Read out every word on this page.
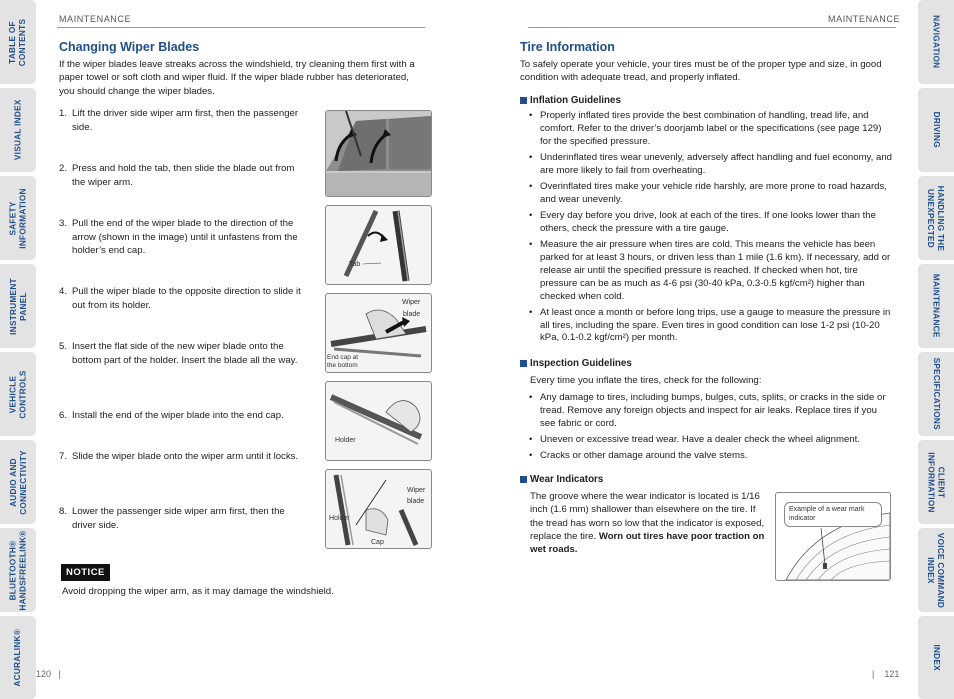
TABLE OF
CONTENTS
VISUAL INDEX
SAFETY
INFORMATION
INSTRUMENT
PANEL
VEHICLE
CONTROLS
AUDIO AND
CONNECTIVITY
BLUETOOTH®
HANDSFREELINK®
ACURALINK®
NAVIGATION
DRIVING
HANDLING THE
UNEXPECTED
MAINTENANCE
SPECIFICATIONS
CLIENT
INFORMATION
VOICE COMMAND
INDEX
INDEX
MAINTENANCE
Changing Wiper Blades

If the wiper blades leave streaks across the windshield, try cleaning them first with a paper towel or soft cloth and wiper fluid. If the wiper blade rubber has deteriorated, you should change the wiper blades.

1. Lift the driver side wiper arm first, then the passenger side.
2. Press and hold the tab, then slide the blade out from the wiper arm.
3. Pull the end of the wiper blade to the direction of the arrow (shown in the image) until it unfastens from the holder’s end cap.
4. Pull the wiper blade to the opposite direction to slide it out from its holder.
5. Insert the flat side of the new wiper blade onto the bottom part of the holder. Insert the blade all the way.
6. Install the end of the wiper blade into the end cap.
7. Slide the wiper blade onto the wiper arm until it locks.
8. Lower the passenger side wiper arm first, then the driver side.
Tab
Wiper
blade
End cap at
the bottom
Holder
Wiper
blade
Holder
Cap
NOTICE

Avoid dropping the wiper arm, as it may damage the windshield.

120   |
MAINTENANCE
Tire Information

To safely operate your vehicle, your tires must be of the proper type and size, in good condition with adequate tread, and properly inflated.

Inflation Guidelines
• Properly inflated tires provide the best combination of handling, tread life, and comfort. Refer to the driver’s doorjamb label or the specifications (see page 129) for the specified pressure.
• Underinflated tires wear unevenly, adversely affect handling and fuel economy, and are more likely to fail from overheating.
• Overinflated tires make your vehicle ride harshly, are more prone to road hazards, and wear unevenly.
• Every day before you drive, look at each of the tires. If one looks lower than the others, check the pressure with a tire gauge.
• Measure the air pressure when tires are cold. This means the vehicle has been parked for at least 3 hours, or driven less than 1 mile (1.6 km). If necessary, add or release air until the specified pressure is reached. If checked when hot, tire pressure can be as much as 4-6 psi (30-40 kPa, 0.3-0.5 kgf/cm²) higher than checked when cold.
• At least once a month or before long trips, use a gauge to measure the pressure in all tires, including the spare. Even tires in good condition can lose 1-2 psi (10-20 kPa, 0.1-0.2 kgf/cm²) per month.
Inspection Guidelines

Every time you inflate the tires, check for the following:

• Any damage to tires, including bumps, bulges, cuts, splits, or cracks in the side or tread. Remove any foreign objects and inspect for air leaks. Replace tires if you see fabric or cord.
• Uneven or excessive tread wear. Have a dealer check the wheel alignment.
• Cracks or other damage around the valve stems.
Wear Indicators

The groove where the wear indicator is located is 1/16 inch (1.6 mm) shallower than elsewhere on the tire. If the tread has worn so low that the indicator is exposed, replace the tire. Worn out tires have poor traction on wet roads.

Example of a wear mark indicator
|    121
